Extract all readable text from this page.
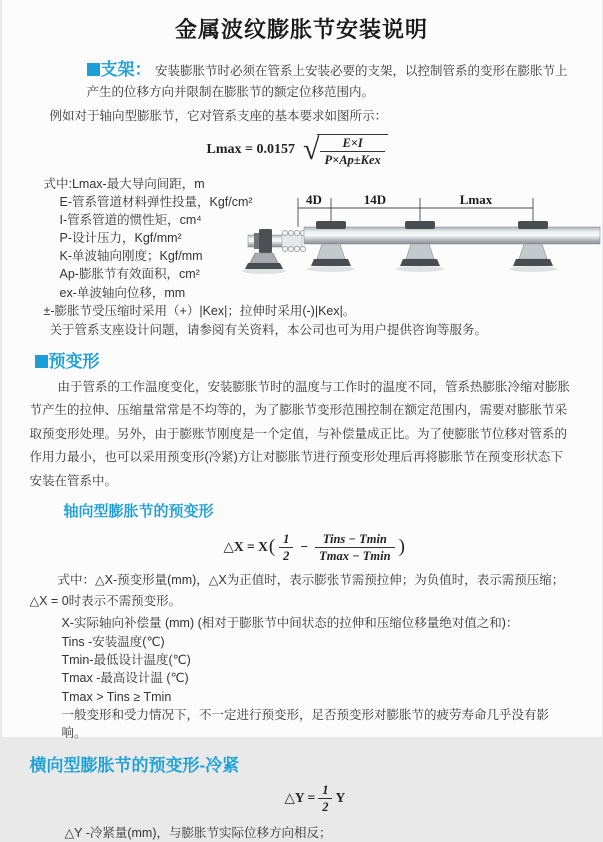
金属波纹膨胀节安装说明

支架： 安装膨胀节时必须在管系上安装必要的支架，以控制管系的变形在膨胀节上产生的位移方向并限制在膨胀节的额定位移范围内。

例如对于轴向型膨胀节，它对管系支座的基本要求如图所示：

Lmax = 0.0157 √ $\frac{E\times I}{\text{P×Ap±Kex}}$
式中:Lmax-最大导向间距，m
E-管系管道材料弹性投量，Kgf/cm²
I-管系管道的惯性矩，cm⁴
P-设计压力，Kgf/mm²
K-单波轴向刚度；Kgf/mm
Ap-膨胀节有效面积，cm²
ex-单波轴向位移，mm
±-膨胀节受压缩时采用（+）|Kex|；拉伸时采用(-)|Kex|。

关于管系支座设计问题，请参阅有关资料，本公司也可为用户提供咨询等服务。

4D	14D	Lmax
预变形

由于管系的工作温度变化，安装膨胀节时的温度与工作时的温度不同，管系热膨胀冷缩对膨胀节产生的拉伸、压缩量常常是不均等的，为了膨胀节变形范围控制在额定范围内，需要对膨胀节采取预变形处理。另外，由于膨账节刚度是一个定值，与补偿量成正比。为了使膨胀节位移对管系的作用力最小，也可以采用预变形(冷紧)方让对膨胀节进行预变形处理后再将膨胀节在预变形状态下安装在管系中。

轴向型膨胀节的预变形
△X = X ( $\frac{1}{2} - \frac{\text{Tins − Tmin}}{Tmax - Tmin}$ )

式中：△X-预变形量(mm)，△X为正值时，表示膨张节需预拉伸；为负值时，表示需预压缩；△X = 0时表示不需预变形。

X-实际轴向补偿量 (mm) (相对于膨胀节中间状态的拉伸和压缩位移量绝对值之和)：
Tins -安装温度(℃)
Tmin-最低设计温度(℃)
Tmax -最高设计温 (℃)
Tmax > Tins ≥ Tmin

一般变形和受力情况下，不一定进行预变形，足否预变形对膨胀节的疲劳寿命几乎没有影响。

横向型膨胀节的预变形-冷紧
△Y = $\frac{1}{2}$ Y

△Y -冷紧量(mm)，与膨胀节实际位移方向相反；
